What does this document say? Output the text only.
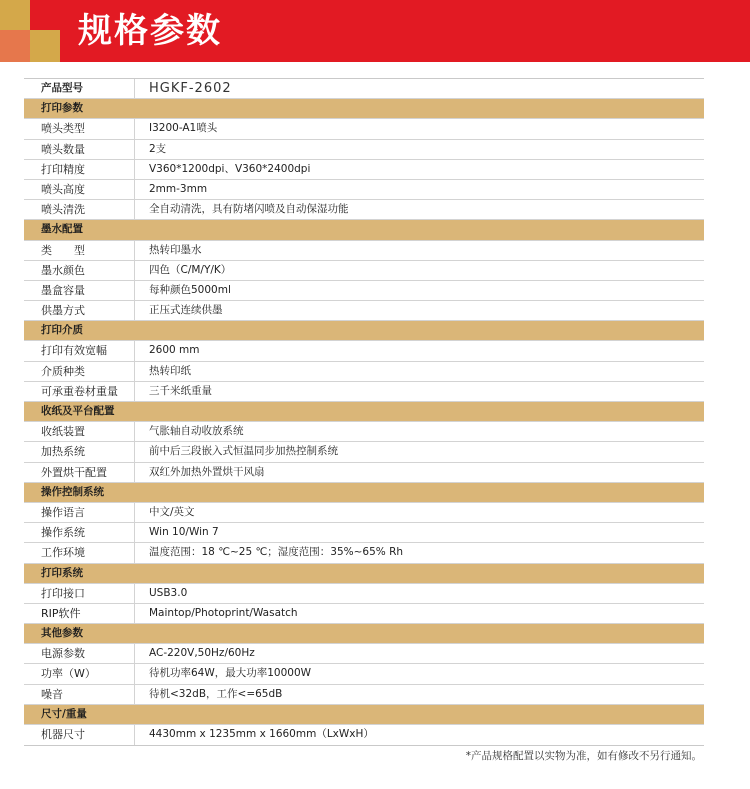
规格参数
产品型号	HGKF-2602
打印参数
喷头类型	I3200-A1喷头
喷头数量	2支
打印精度	V360*1200dpi、V360*2400dpi
喷头高度	2mm-3mm
喷头清洗	全自动清洗，具有防堵闪喷及自动保湿功能
墨水配置
类　　型	热转印墨水
墨水颜色	四色（C/M/Y/K）
墨盒容量	每种颜色5000ml
供墨方式	正压式连续供墨
打印介质
打印有效宽幅	2600 mm
介质种类	热转印纸
可承重卷材重量	三千米纸重量
收纸及平台配置
收纸装置	气胀轴自动收放系统
加热系统	前中后三段嵌入式恒温同步加热控制系统
外置烘干配置	双红外加热外置烘干风扇
操作控制系统
操作语言	中文/英文
操作系统	Win 10/Win 7
工作环境	温度范围：18 ℃~25 ℃；湿度范围：35%~65% Rh
打印系统
打印接口	USB3.0
RIP软件	Maintop/Photoprint/Wasatch
其他参数
电源参数	AC-220V,50Hz/60Hz
功率（W）	待机功率64W，最大功率10000W
噪音	待机<32dB，工作<=65dB
尺寸/重量
机器尺寸	4430mm x 1235mm x 1660mm（LxWxH）
*产品规格配置以实物为准，如有修改不另行通知。
